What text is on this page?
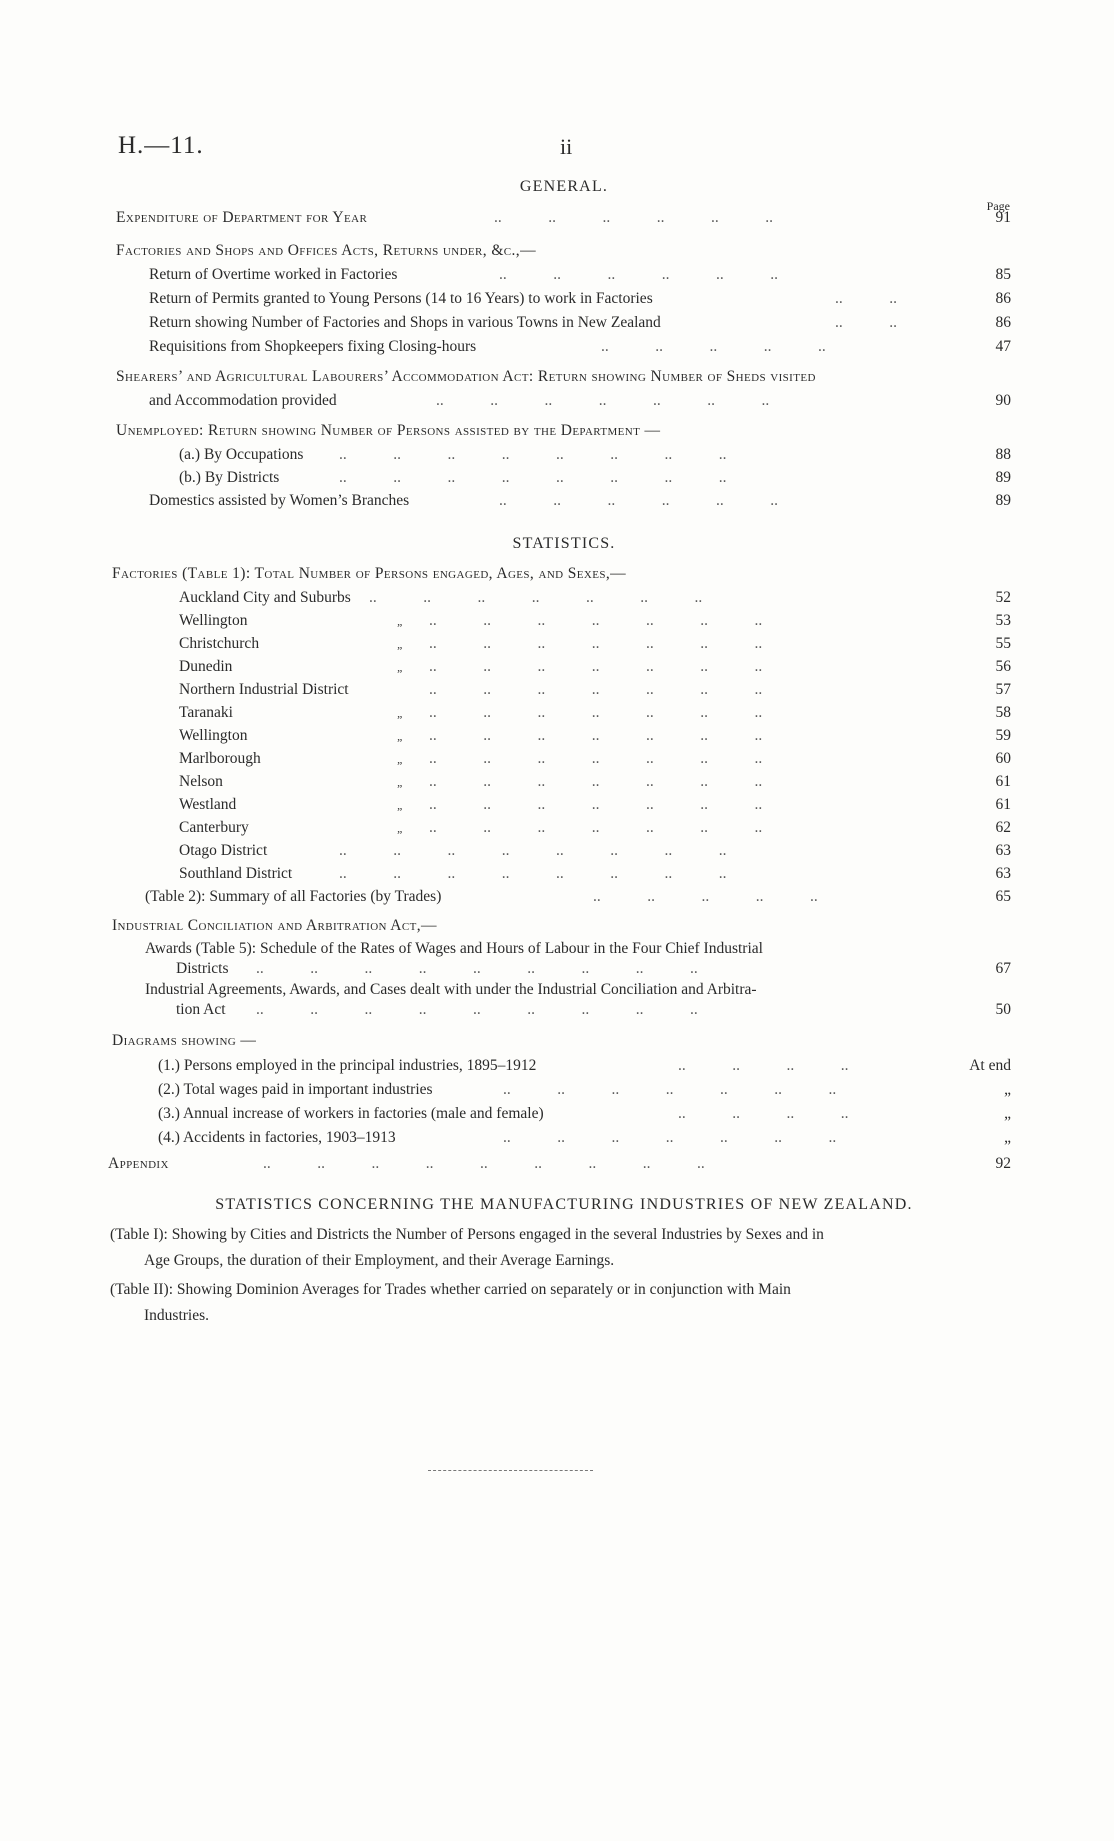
H.—11.	ii
GENERAL.
Page
Expenditure of Department for Year	..   ..   ..   ..   ..   ..	91
Factories and Shops and Offices Acts, Returns under, &c.,—
Return of Overtime worked in Factories	..   ..   ..   ..   ..   ..	85
Return of Permits granted to Young Persons (14 to 16 Years) to work in Factories	..   ..	86
Return showing Number of Factories and Shops in various Towns in New Zealand	..   ..	86
Requisitions from Shopkeepers fixing Closing-hours	..   ..   ..   ..   ..	47
Shearers’ and Agricultural Labourers’ Accommodation Act: Return showing Number of Sheds visited
and Accommodation provided	..   ..   ..   ..   ..   ..   ..	90
Unemployed: Return showing Number of Persons assisted by the Department —
(a.) By Occupations ..   ..   ..   ..   ..   ..   ..   ..	88
(b.) By Districts	..   ..   ..   ..   ..   ..   ..   ..	89
Domestics assisted by Women’s Branches	..   ..   ..   ..   ..   ..	89
STATISTICS.
Factories (Table 1): Total Number of Persons engaged, Ages, and Sexes,—
Auckland City and Suburbs ..   ..   ..   ..   ..   ..   ..	52
Wellington	„ ..   ..   ..   ..   ..   ..   ..	53
Christchurch	„ ..   ..   ..   ..   ..   ..   ..	55
Dunedin	„ ..   ..   ..   ..   ..   ..   ..	56
Northern Industrial District	..   ..   ..   ..   ..   ..   ..	57
Taranaki	„ ..   ..   ..   ..   ..   ..   ..	58
Wellington	„ ..   ..   ..   ..   ..   ..   ..	59
Marlborough	„ ..   ..   ..   ..   ..   ..   ..	60
Nelson	„ ..   ..   ..   ..   ..   ..   ..	61
Westland	„ ..   ..   ..   ..   ..   ..   ..	61
Canterbury	„ ..   ..   ..   ..   ..   ..   ..	62
Otago District	..   ..   ..   ..   ..   ..   ..   ..	63
Southland District	..   ..   ..   ..   ..   ..   ..   ..	63
(Table 2): Summary of all Factories (by Trades)	..   ..   ..   ..   ..	65
Industrial Conciliation and Arbitration Act,—
Awards (Table 5): Schedule of the Rates of Wages and Hours of Labour in the Four Chief Industrial
Districts ..   ..   ..   ..   ..   ..   ..   ..   ..	67
Industrial Agreements, Awards, and Cases dealt with under the Industrial Conciliation and Arbitra-
tion Act ..   ..   ..   ..   ..   ..   ..   ..   ..	50
Diagrams showing —
(1.) Persons employed in the principal industries, 1895–1912	..   ..   ..   ..	At end
(2.) Total wages paid in important industries	..   ..   ..   ..   ..   ..   ..	„
(3.) Annual increase of workers in factories (male and female)	..   ..   ..   ..	„
(4.) Accidents in factories, 1903–1913	..   ..   ..   ..   ..   ..   ..	„
Appendix	..   ..   ..   ..   ..   ..   ..   ..   ..	92
STATISTICS CONCERNING THE MANUFACTURING INDUSTRIES OF NEW ZEALAND.
(Table I): Showing by Cities and Districts the Number of Persons engaged in the several Industries by Sexes and in
Age Groups, the duration of their Employment, and their Average Earnings.
(Table II): Showing Dominion Averages for Trades whether carried on separately or in conjunction with Main
Industries.
